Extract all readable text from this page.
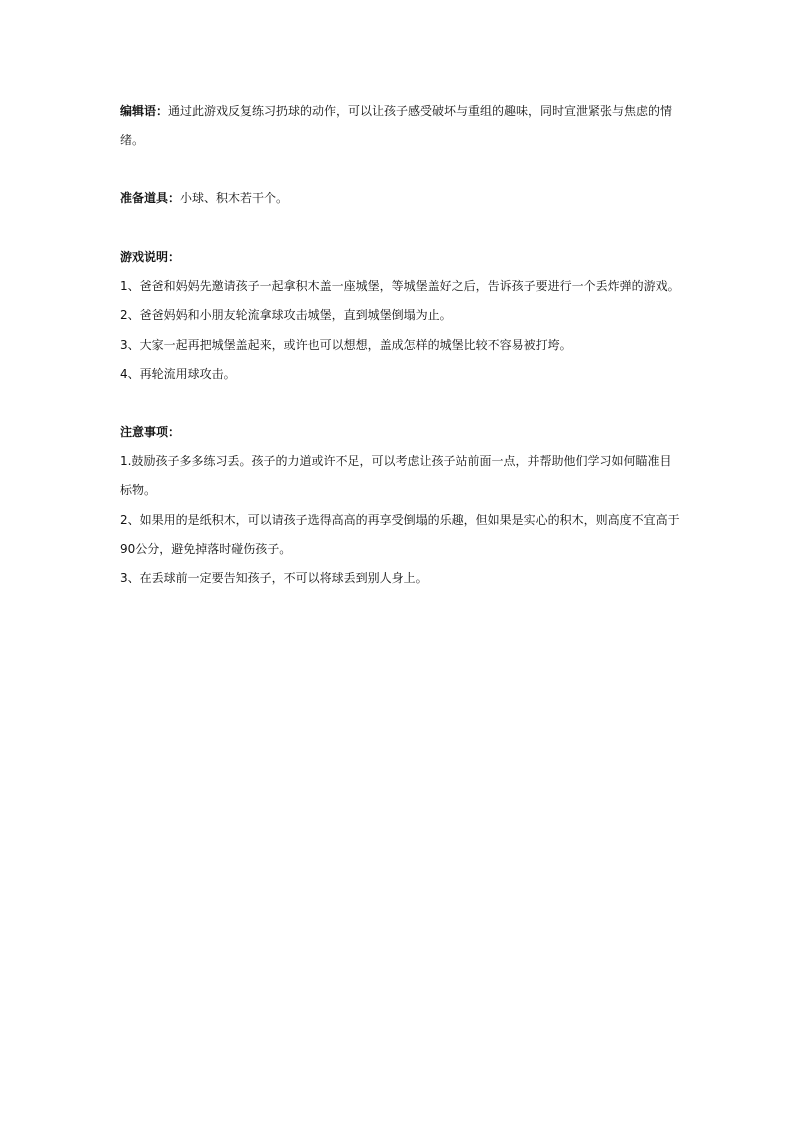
编辑语：通过此游戏反复练习扔球的动作，可以让孩子感受破坏与重组的趣味，同时宣泄紧张与焦虑的情
绪。
准备道具：小球、积木若干个。
游戏说明：
1、爸爸和妈妈先邀请孩子一起拿积木盖一座城堡，等城堡盖好之后，告诉孩子要进行一个丢炸弹的游戏。
2、爸爸妈妈和小朋友轮流拿球攻击城堡，直到城堡倒塌为止。
3、大家一起再把城堡盖起来，或许也可以想想，盖成怎样的城堡比较不容易被打垮。
4、再轮流用球攻击。
注意事项：
1.鼓励孩子多多练习丢。孩子的力道或许不足，可以考虑让孩子站前面一点，并帮助他们学习如何瞄准目
标物。
2、如果用的是纸积木，可以请孩子选得高高的再享受倒塌的乐趣，但如果是实心的积木，则高度不宜高于
90公分，避免掉落时碰伤孩子。
3、在丢球前一定要告知孩子，不可以将球丢到别人身上。
